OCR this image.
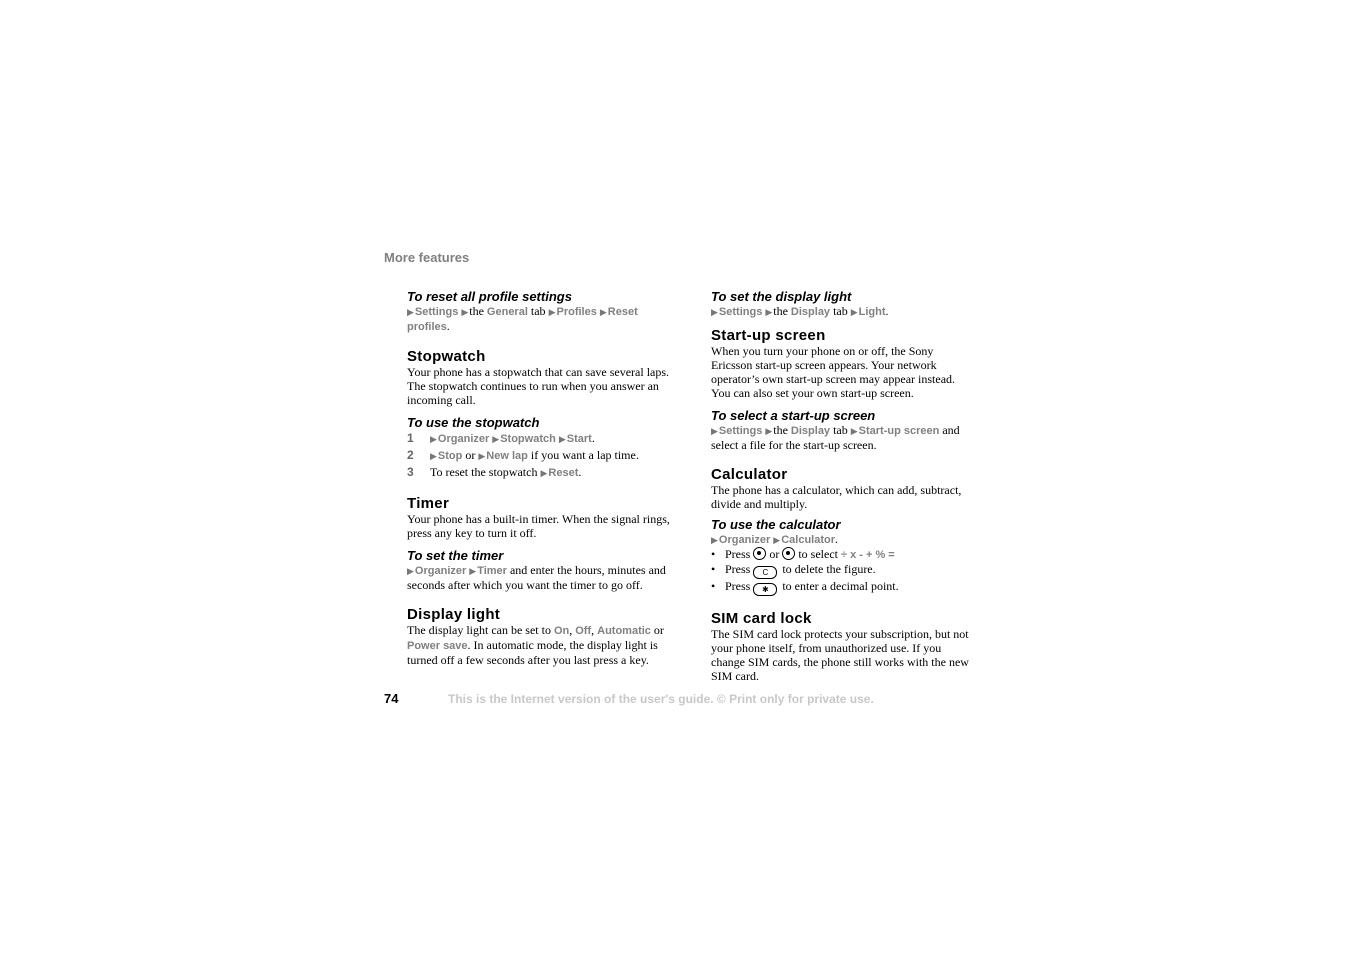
More features

To reset all profile settings

▶Settings ▶the General tab ▶Profiles ▶Reset profiles.

Stopwatch

Your phone has a stopwatch that can save several laps. The stopwatch continues to run when you answer an incoming call.

To use the stopwatch

1	▶Organizer ▶Stopwatch ▶Start.
2	▶Stop or ▶New lap if you want a lap time.
3	To reset the stopwatch ▶Reset.

Timer

Your phone has a built-in timer. When the signal rings, press any key to turn it off.

To set the timer

▶Organizer ▶Timer and enter the hours, minutes and seconds after which you want the timer to go off.

Display light

The display light can be set to On, Off, Automatic or Power save. In automatic mode, the display light is turned off a few seconds after you last press a key.

To set the display light

▶Settings ▶the Display tab ▶Light.

Start-up screen

When you turn your phone on or off, the Sony Ericsson start-up screen appears. Your network operator’s own start-up screen may appear instead. You can also set your own start-up screen.

To select a start-up screen

▶Settings ▶the Display tab ▶Start-up screen and select a file for the start-up screen.

Calculator

The phone has a calculator, which can add, subtract, divide and multiply.

To use the calculator

▶Organizer ▶Calculator.

• Press or to select ÷ x - + % =
• Press C to delete the figure.
• Press ✱ to enter a decimal point.

SIM card lock

The SIM card lock protects your subscription, but not your phone itself, from unauthorized use. If you change SIM cards, the phone still works with the new SIM card.

74	This is the Internet version of the user's guide. © Print only for private use.
